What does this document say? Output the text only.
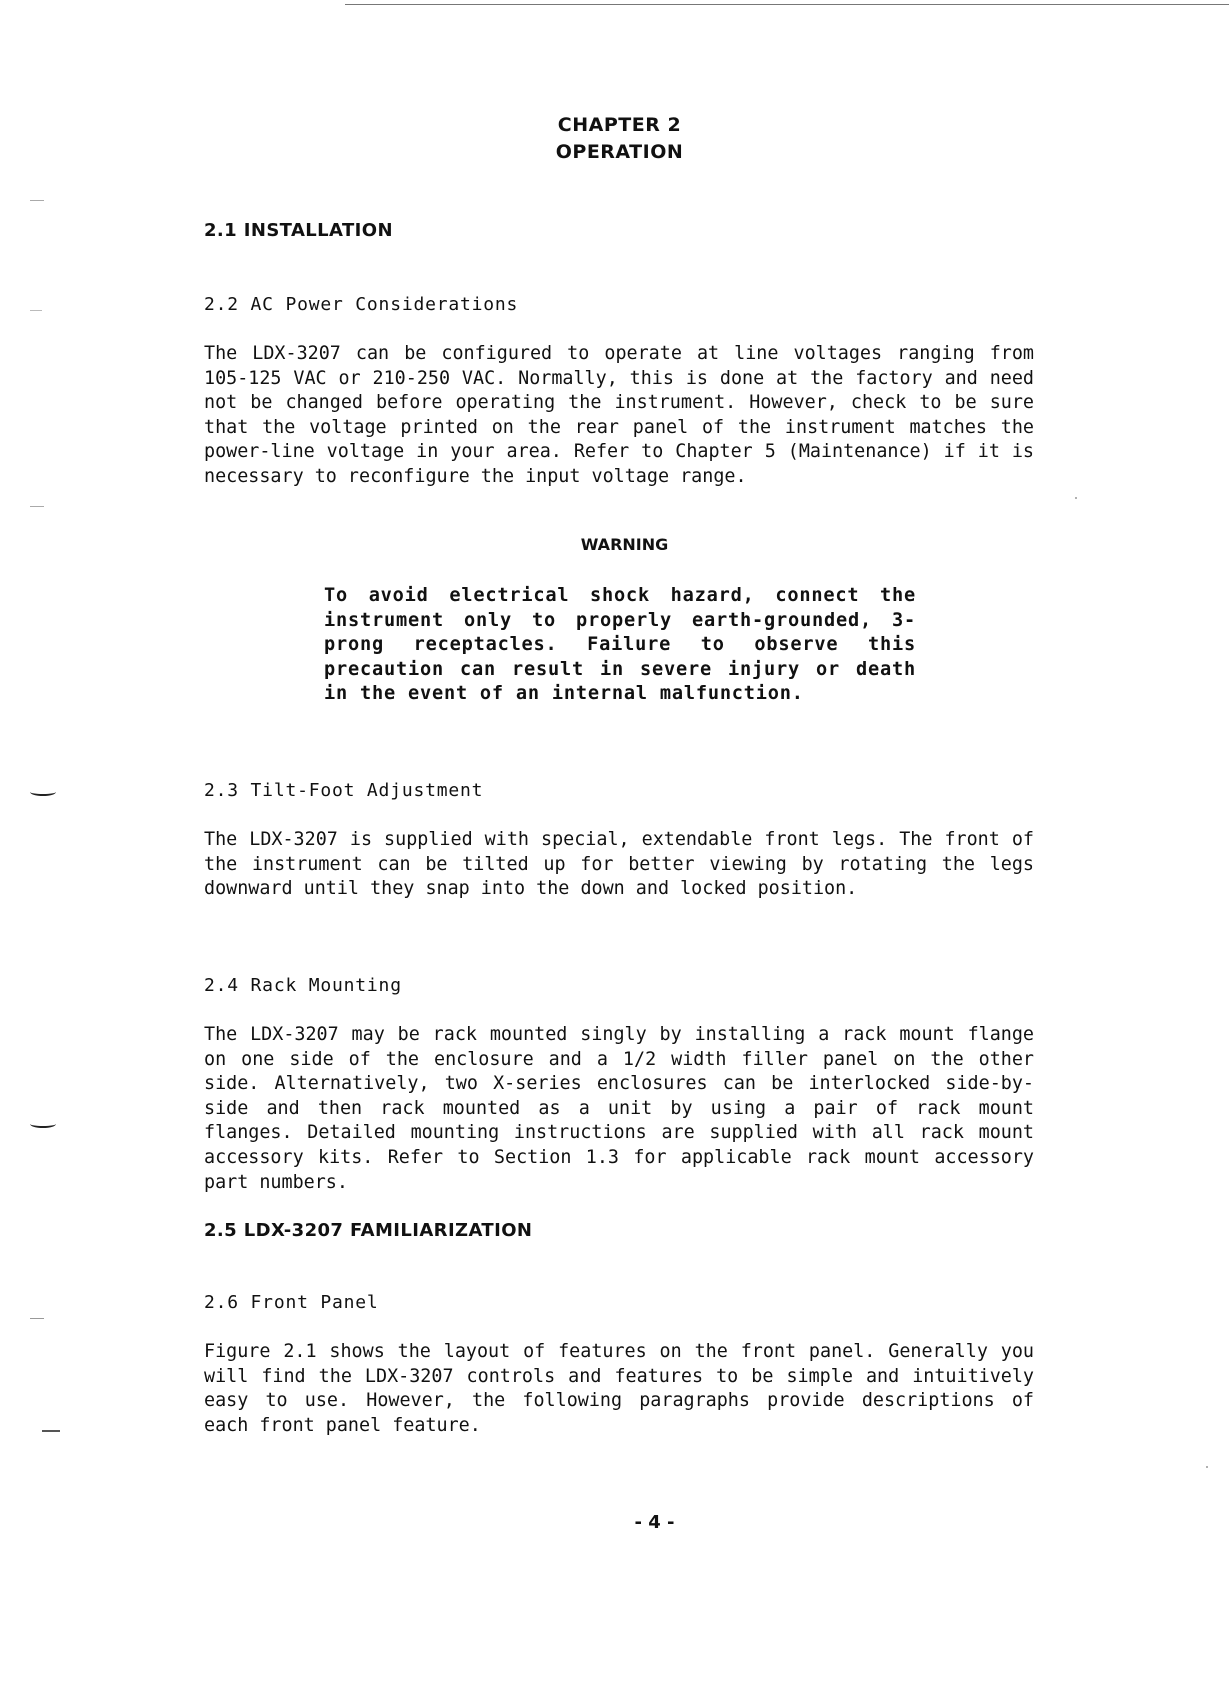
CHAPTER 2
OPERATION
2.1 INSTALLATION
2.2 AC Power Considerations
The LDX-3207 can be configured to operate at line voltages ranging from 105-125 VAC or 210-250 VAC. Normally, this is done at the factory and need not be changed before operating the instrument. However, check to be sure that the voltage printed on the rear panel of the instrument matches the power-line voltage in your area. Refer to Chapter 5 (Maintenance) if it is necessary to reconfigure the input voltage range.
WARNING
To avoid electrical shock hazard, connect the instrument only to properly earth-grounded, 3-prong receptacles. Failure to observe this precaution can result in severe injury or death in the event of an internal malfunction.
2.3 Tilt-Foot Adjustment
The LDX-3207 is supplied with special, extendable front legs. The front of the instrument can be tilted up for better viewing by rotating the legs downward until they snap into the down and locked position.
2.4 Rack Mounting
The LDX-3207 may be rack mounted singly by installing a rack mount flange on one side of the enclosure and a 1/2 width filler panel on the other side. Alternatively, two X-series enclosures can be interlocked side-by-side and then rack mounted as a unit by using a pair of rack mount flanges. Detailed mounting instructions are supplied with all rack mount accessory kits. Refer to Section 1.3 for applicable rack mount accessory part numbers.
2.5 LDX-3207 FAMILIARIZATION
2.6 Front Panel
Figure 2.1 shows the layout of features on the front panel. Generally you will find the LDX-3207 controls and features to be simple and intuitively easy to use. However, the following paragraphs provide descriptions of each front panel feature.
- 4 -
